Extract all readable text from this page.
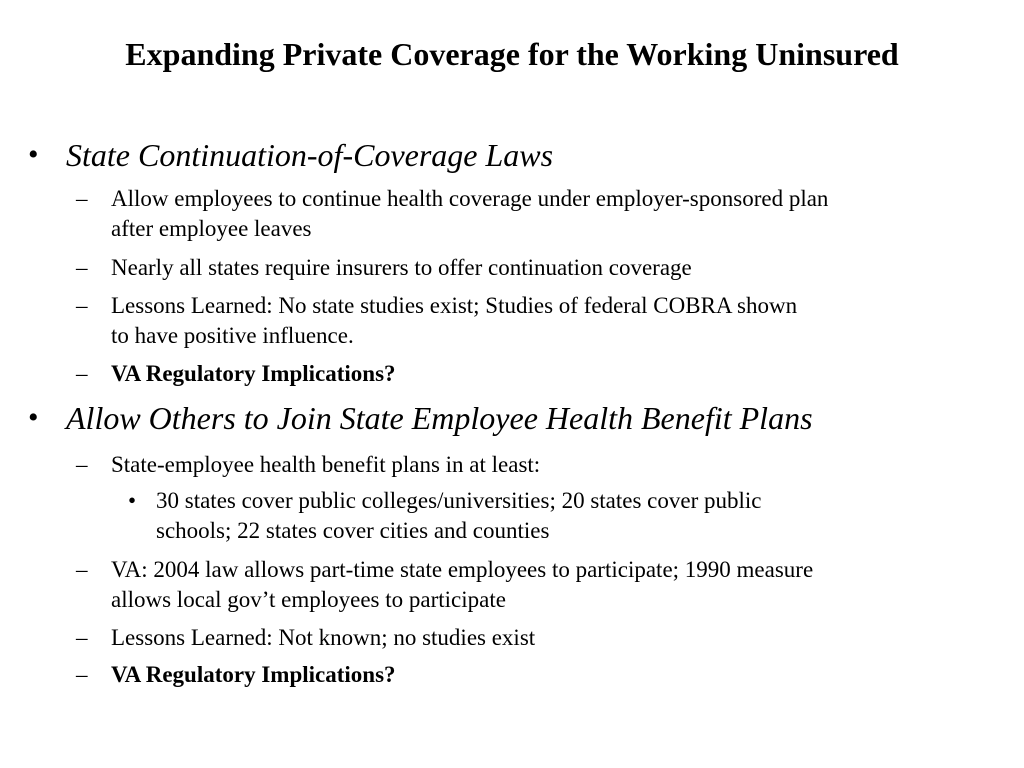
Expanding Private Coverage for the Working Uninsured
• State Continuation-of-Coverage Laws
– Allow employees to continue health coverage under employer-sponsored plan
after employee leaves
– Nearly all states require insurers to offer continuation coverage
– Lessons Learned: No state studies exist; Studies of federal COBRA shown
to have positive influence.
– VA Regulatory Implications?
• Allow Others to Join State Employee Health Benefit Plans
– State-employee health benefit plans in at least:
• 30 states cover public colleges/universities; 20 states cover public
schools; 22 states cover cities and counties
– VA: 2004 law allows part-time state employees to participate; 1990 measure
allows local gov’t employees to participate
– Lessons Learned: Not known; no studies exist
– VA Regulatory Implications?
